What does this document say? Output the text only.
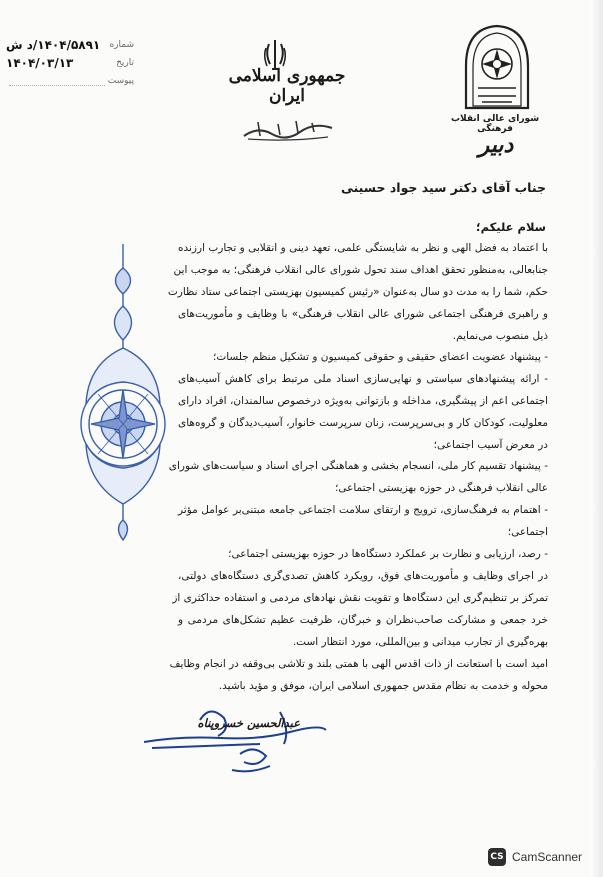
۱۴۰۴/۵۸۹۱/د ش شماره
۱۴۰۴/۰۳/۱۳	تاریخ
پیوست	جمهوری اسلامی ایران
شورای عالی انقلاب فرهنگی
دبیر
جناب آقای دکتر سید جواد حسینی
سلام علیکم؛
با اعتماد به فضل الهی و نظر به شایستگی علمی، تعهد دینی و انقلابی و تجارب ارزنده
جنابعالی، به‌منظور تحقق اهداف سند تحول شورای عالی انقلاب فرهنگی؛ به موجب این
حکم، شما را به مدت دو سال به‌عنوان «رئیس کمیسیون بهزیستی اجتماعی ستاد نظارت
و راهبری فرهنگی اجتماعی شورای عالی انقلاب فرهنگی» با وظایف و مأموریت‌های
ذیل منصوب می‌نمایم.
- پیشنهاد عضویت اعضای حقیقی و حقوقی کمیسیون و تشکیل منظم جلسات؛
- ارائه پیشنهادهای سیاستی و نهایی‌سازی اسناد ملی مرتبط برای کاهش آسیب‌های
اجتماعی اعم از پیشگیری، مداخله و بازتوانی به‌ویژه درخصوص سالمندان، افراد دارای
معلولیت، کودکان کار و بی‌سرپرست، زنان سرپرست خانوار، آسیب‌دیدگان و گروه‌های
در معرض آسیب اجتماعی؛
- پیشنهاد تقسیم کار ملی، انسجام بخشی و هماهنگی اجرای اسناد و سیاست‌های شورای
عالی انقلاب فرهنگی در حوزه بهزیستی اجتماعی؛
- اهتمام به فرهنگ‌سازی، ترویج و ارتقای سلامت اجتماعی جامعه مبتنی‌بر عوامل مؤثر
اجتماعی؛
- رصد، ارزیابی و نظارت بر عملکرد دستگاه‌ها در حوزه بهزیستی اجتماعی؛
در اجرای وظایف و مأموریت‌های فوق، رویکرد کاهش تصدی‌گری دستگاه‌های دولتی،
تمرکز بر تنظیم‌گری این دستگاه‌ها و تقویت نقش نهادهای مردمی و استفاده حداکثری از
خرد جمعی و مشارکت صاحب‌نظران و خبرگان، ظرفیت عظیم تشکل‌های مردمی و
بهره‌گیری از تجارب میدانی و بین‌المللی، مورد انتظار است.
امید است با استعانت از ذات اقدس الهی با همتی بلند و تلاشی بی‌وقفه در انجام وظایف
محوله و خدمت به نظام مقدس جمهوری اسلامی ایران، موفق و مؤید باشید.
عبدالحسین خسروپناه
CS CamScanner
